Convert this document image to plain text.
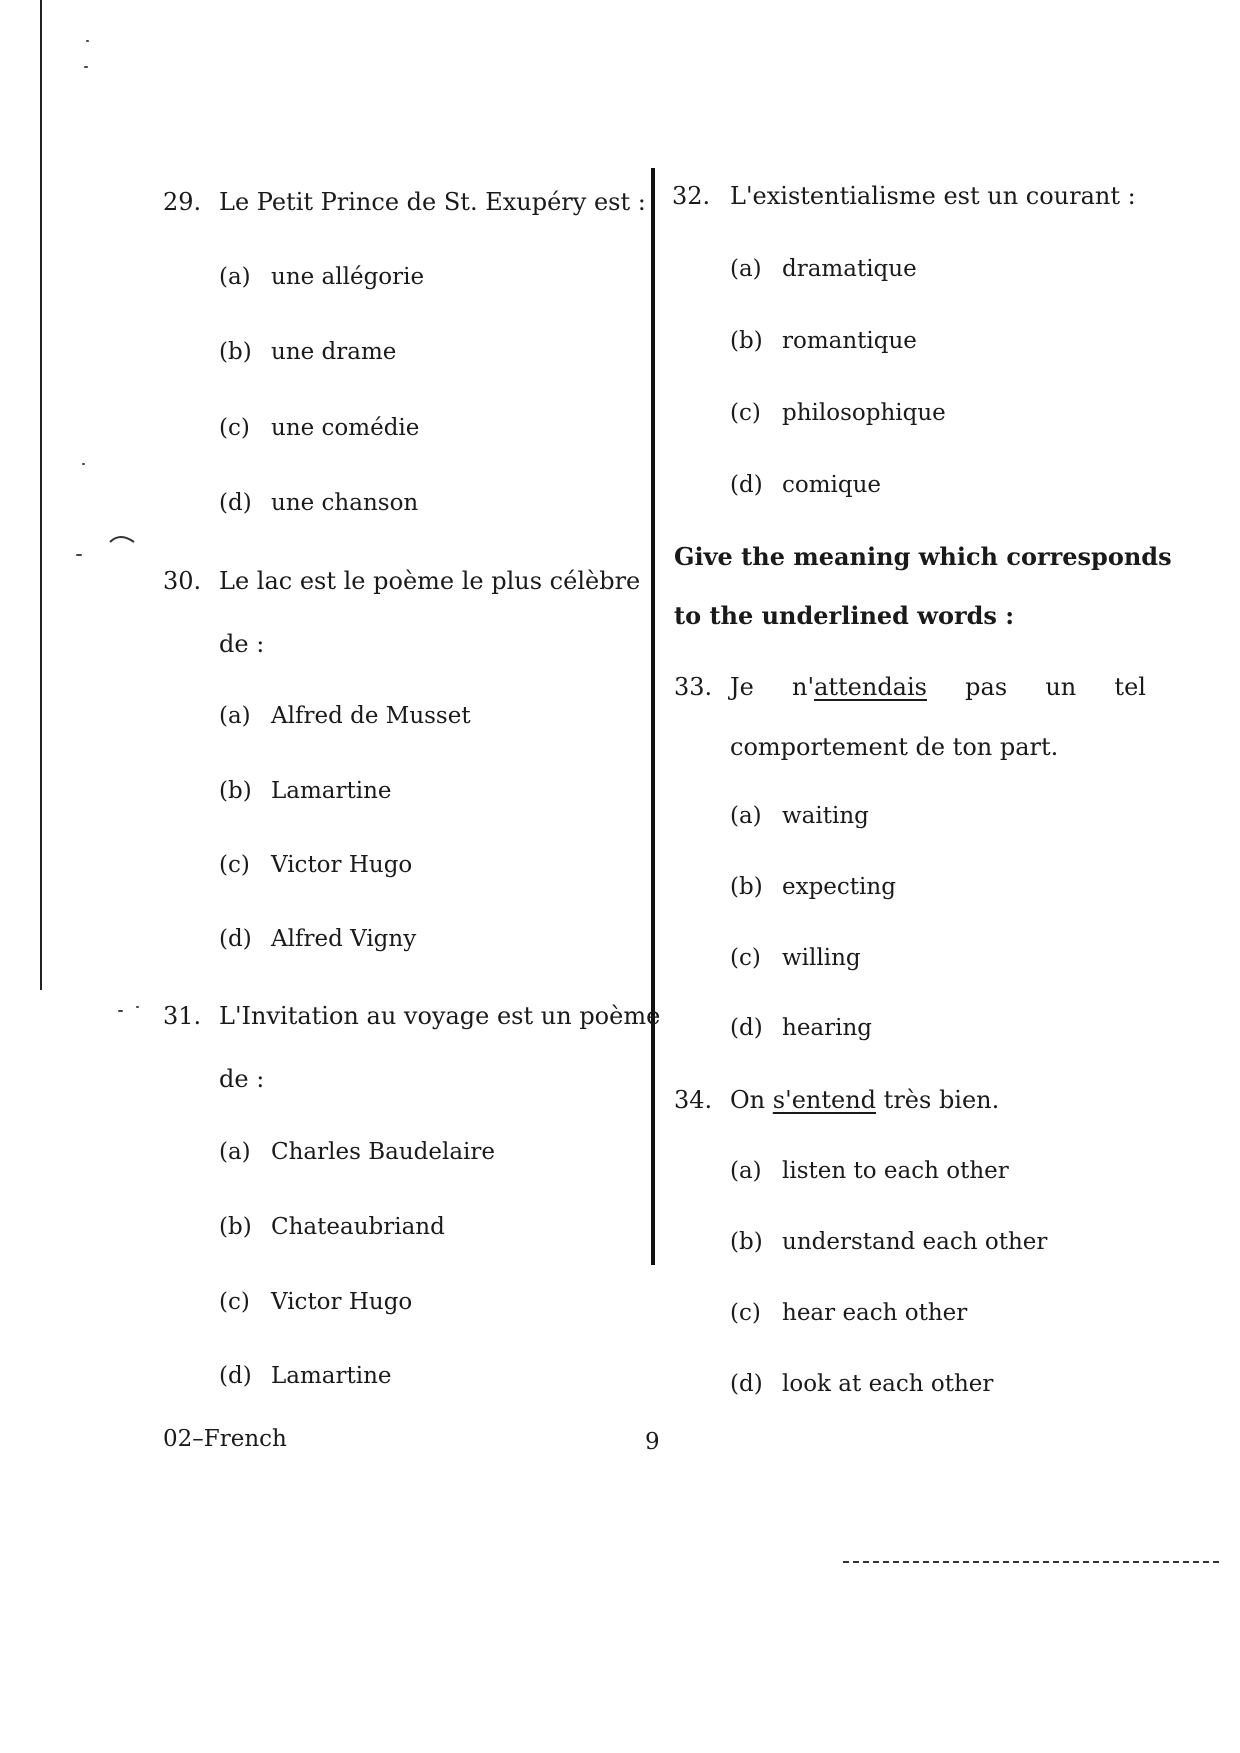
29. Le Petit Prince de St. Exupéry est :
(a) une allégorie
(b) une drame
(c) une comédie
(d) une chanson
30. Le lac est le poème le plus célèbre
de :
(a) Alfred de Musset
(b) Lamartine
(c) Victor Hugo
(d) Alfred Vigny
31. L'Invitation au voyage est un poème
de :
(a) Charles Baudelaire
(b) Chateaubriand
(c) Victor Hugo
(d) Lamartine
32. L'existentialisme est un courant :
(a) dramatique
(b) romantique
(c) philosophique
(d) comique
Give the meaning which corresponds
to the underlined words :
33. Je n'attendais pas un tel
comportement de ton part.
(a) waiting
(b) expecting
(c) willing
(d) hearing
34. On s'entend très bien.
(a) listen to each other
(b) understand each other
(c) hear each other
(d) look at each other
02–French	9
